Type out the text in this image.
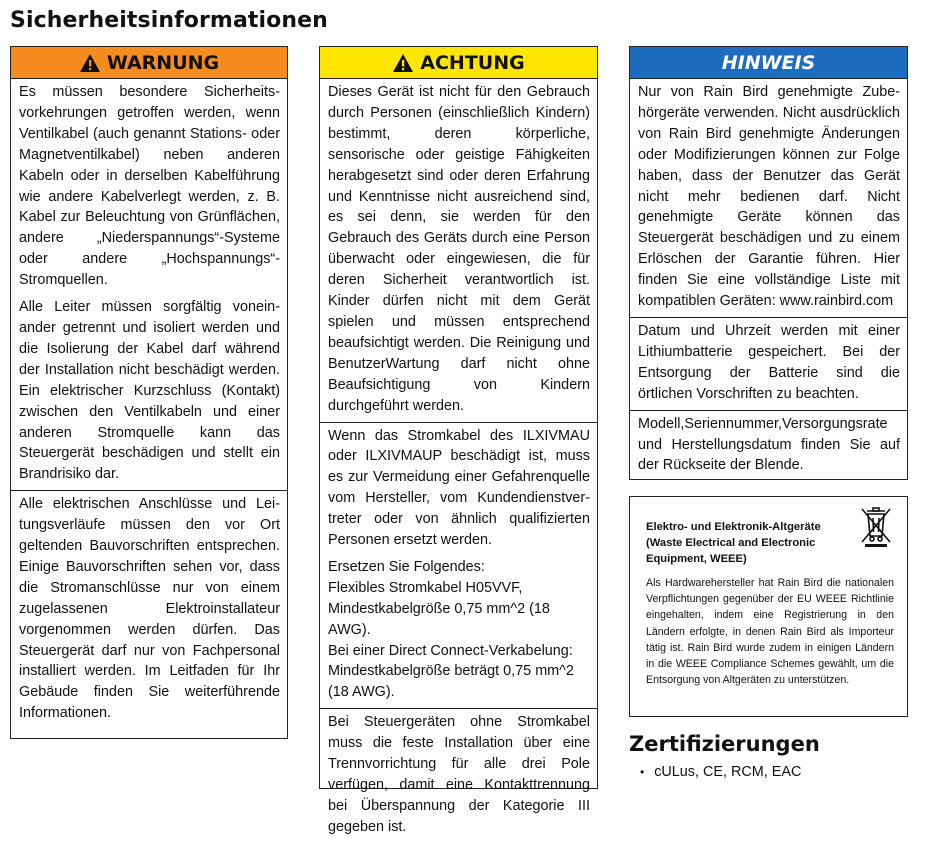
Sicherheitsinformationen
WARNUNG

Es müssen besondere Sicherheitsvorkehrungen getroffen werden, wenn Ventilkabel (auch genannt Stations- oder Magnetventilkabel) neben anderen Kabeln oder in derselben Kabelführung wie andere Kabelverlegt werden, z. B. Kabel zur Beleuchtung von Grünflächen, andere „Niederspannungs“-Systeme oder andere „Hochspannungs“-Stromquellen.

Alle Leiter müssen sorgfältig voneinander getrennt und isoliert werden und die Isolierung der Kabel darf während der Installation nicht beschädigt werden. Ein elektrischer Kurzschluss (Kontakt) zwischen den Ventilkabeln und einer anderen Stromquelle kann das Steuergerät beschädigen und stellt ein Brandrisiko dar.

Alle elektrischen Anschlüsse und Leitungsverläufe müssen den vor Ort geltenden Bauvorschriften entsprechen. Einige Bauvorschriften sehen vor, dass die Stromanschlüsse nur von einem zugelassenen Elektroinstallateur vorgenommen werden dürfen. Das Steuergerät darf nur von Fachpersonal installiert werden. Im Leitfaden für Ihr Gebäude finden Sie weiterführende Informationen.

ACHTUNG

Dieses Gerät ist nicht für den Gebrauch durch Personen (einschließlich Kindern) bestimmt, deren körperliche, sensorische oder geistige Fähigkeiten herabgesetzt sind oder deren Erfahrung und Kenntnisse nicht ausreichend sind, es sei denn, sie werden für den Gebrauch des Geräts durch eine Person überwacht oder eingewiesen, die für deren Sicherheit verantwortlich ist. Kinder dürfen nicht mit dem Gerät spielen und müssen entsprechend beaufsichtigt werden. Die Reinigung und BenutzerWartung darf nicht ohne Beaufsichtigung von Kindern durchgeführt werden.

Wenn das Stromkabel des ILXIVMAU oder ILXIVMAUP beschädigt ist, muss es zur Vermeidung einer Gefahrenquelle vom Hersteller, vom Kundendienstvertreter oder von ähnlich qualifizierten Personen ersetzt werden.

Ersetzen Sie Folgendes:
Flexibles Stromkabel H05VVF, Mindestkabelgröße 0,75 mm^2 (18 AWG).
Bei einer Direct Connect-Verkabelung: Mindestkabelgröße beträgt 0,75 mm^2 (18 AWG).

Bei Steuergeräten ohne Stromkabel muss die feste Installation über eine Trennvorrichtung für alle drei Pole verfügen, damit eine Kontakttrennung bei Überspannung der Kategorie III gegeben ist.

HINWEIS

Nur von Rain Bird genehmigte Zubehörgeräte verwenden. Nicht ausdrücklich von Rain Bird genehmigte Änderungen oder Modifizierungen können zur Folge haben, dass der Benutzer das Gerät nicht mehr bedienen darf. Nicht genehmigte Geräte können das Steuergerät beschädigen und zu einem Erlöschen der Garantie führen. Hier finden Sie eine vollständige Liste mit kompatiblen Geräten: www.rainbird.com

Datum und Uhrzeit werden mit einer Lithiumbatterie gespeichert. Bei der Entsorgung der Batterie sind die örtlichen Vorschriften zu beachten.

Modell,Seriennummer,Versorgungsrate und Herstellungsdatum finden Sie auf der Rückseite der Blende.

Elektro- und Elektronik-Altgeräte (Waste Electrical and Electronic Equipment, WEEE)
Als Hardwarehersteller hat Rain Bird die nationalen Verpflichtungen gegenüber der EU WEEE Richtlinie eingehalten, indem eine Registrierung in den Ländern erfolgte, in denen Rain Bird als Importeur tätig ist. Rain Bird wurde zudem in einigen Ländern in die WEEE Compliance Schemes gewählt, um die Entsorgung von Altgeräten zu unterstützen.
Zertifizierungen
• cULus, CE, RCM, EAC
